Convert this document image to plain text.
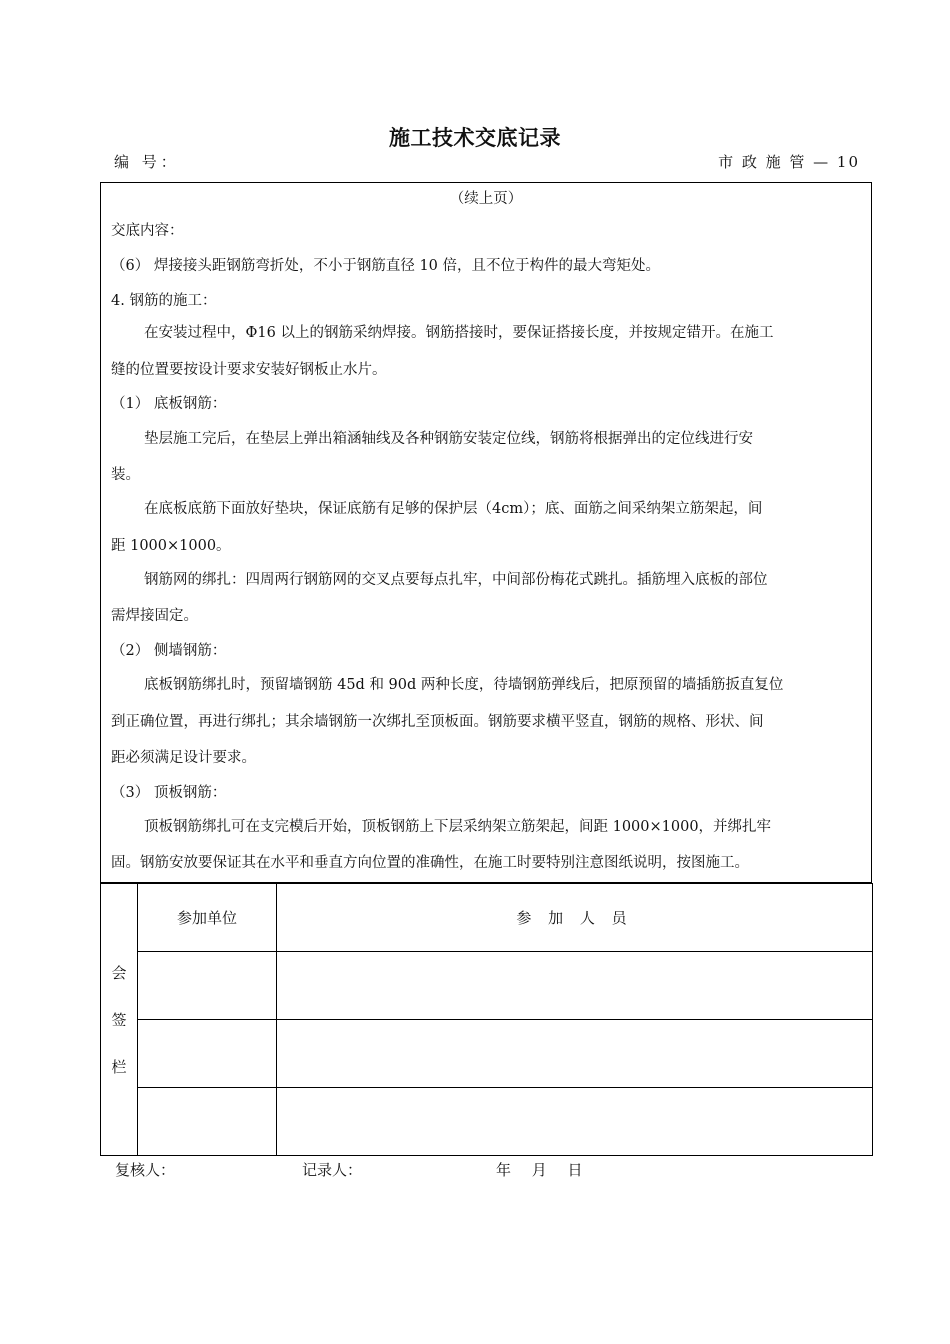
施工技术交底记录
编 号：	市 政 施 管 — 10
（续上页）
交底内容：
（6） 焊接接头距钢筋弯折处，不小于钢筋直径 10 倍，且不位于构件的最大弯矩处。
4. 钢筋的施工：
在安装过程中，Φ16 以上的钢筋采纳焊接。钢筋搭接时，要保证搭接长度，并按规定错开。在施工
缝的位置要按设计要求安装好钢板止水片。
（1） 底板钢筋：
垫层施工完后，在垫层上弹出箱涵轴线及各种钢筋安装定位线，钢筋将根据弹出的定位线进行安
装。
在底板底筋下面放好垫块，保证底筋有足够的保护层（4cm）；底、面筋之间采纳架立筋架起，间
距 1000×1000。
钢筋网的绑扎：四周两行钢筋网的交叉点要每点扎牢，中间部份梅花式跳扎。插筋埋入底板的部位
需焊接固定。
（2） 侧墙钢筋：
底板钢筋绑扎时，预留墙钢筋 45d 和 90d 两种长度，待墙钢筋弹线后，把原预留的墙插筋扳直复位
到正确位置，再进行绑扎；其余墙钢筋一次绑扎至顶板面。钢筋要求横平竖直，钢筋的规格、形状、间
距必须满足设计要求。
（3） 顶板钢筋：
顶板钢筋绑扎可在支完模后开始，顶板钢筋上下层采纳架立筋架起，间距 1000×1000，并绑扎牢
固。钢筋安放要保证其在水平和垂直方向位置的准确性，在施工时要特别注意图纸说明，按图施工。
会
签
栏	参加单位	参 加 人 员

复核人：	记录人：	年 月 日
